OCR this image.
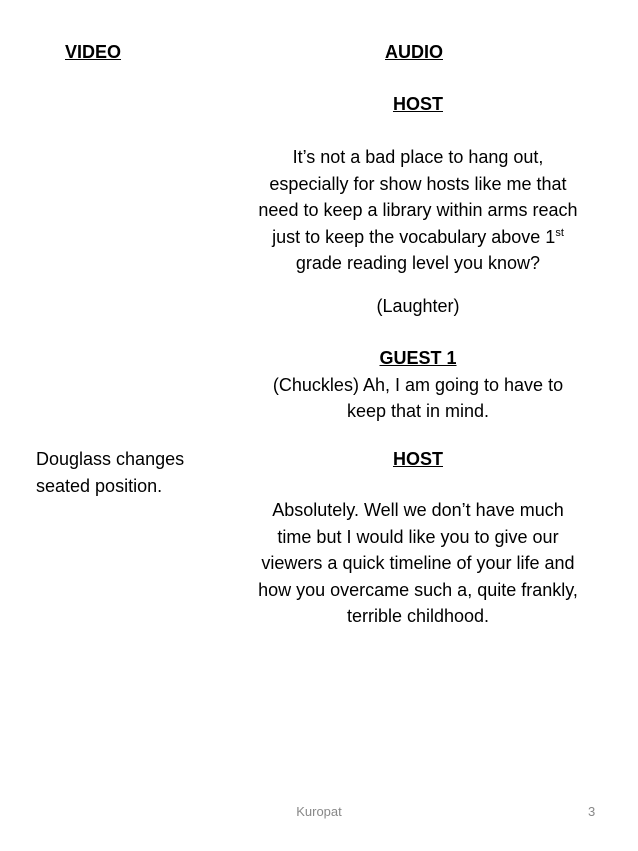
VIDEO	AUDIO
HOST
It’s not a bad place to hang out,
especially for show hosts like me that
need to keep a library within arms reach
just to keep the vocabulary above 1st
grade reading level you know?
(Laughter)
GUEST 1
(Chuckles) Ah, I am going to have to
keep that in mind.
HOST
Absolutely. Well we don’t have much
time but I would like you to give our
viewers a quick timeline of your life and
how you overcame such a, quite frankly,
terrible childhood.
Douglass changes
seated position.
Kuropat	3
